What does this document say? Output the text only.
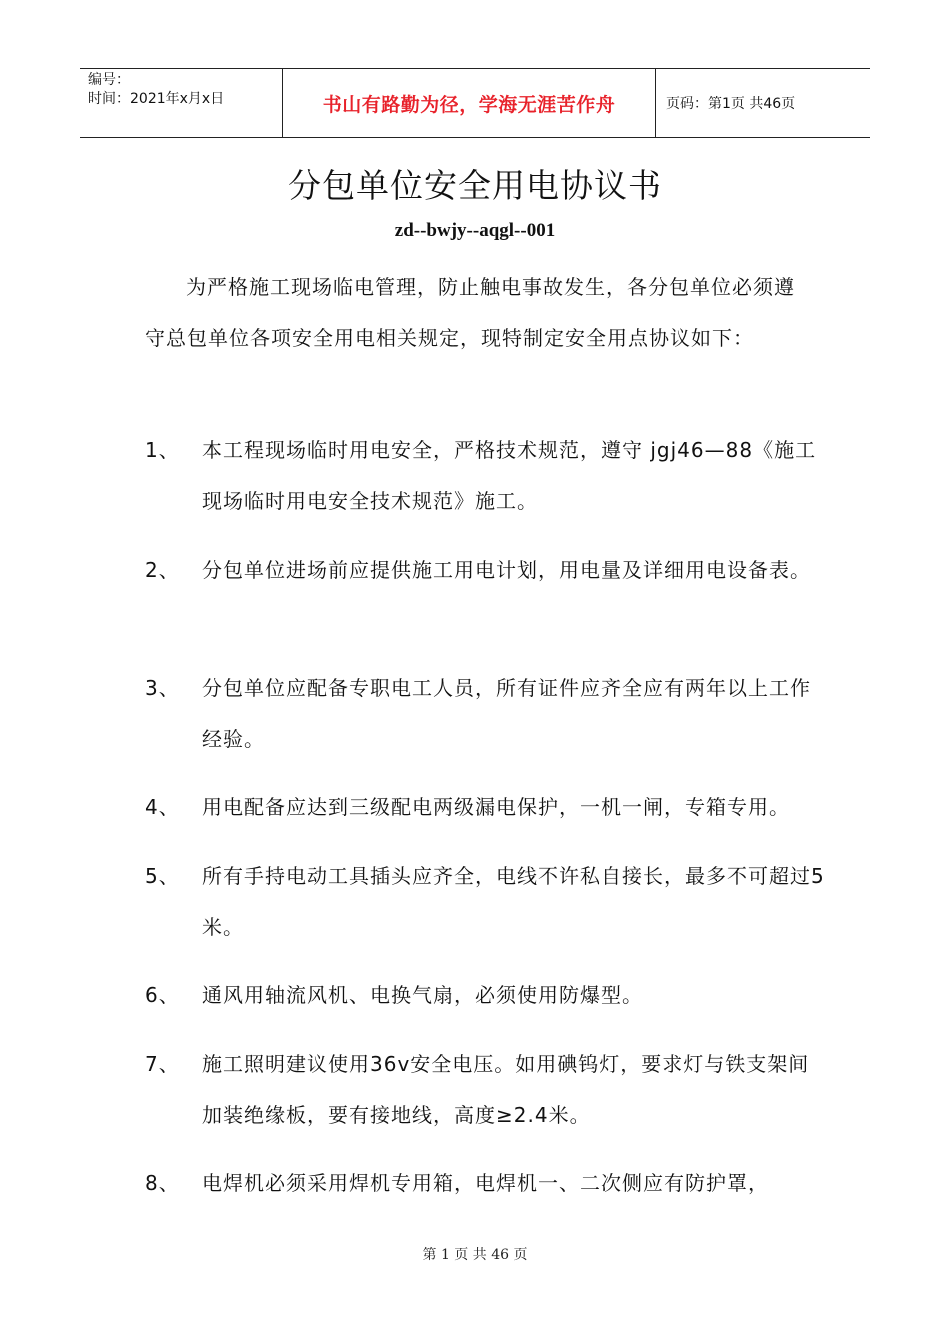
编号：
时间：2021年x月x日	书山有路勤为径，学海无涯苦作舟	页码：第1页 共46页
分包单位安全用电协议书
zd--bwjy--aqgl--001
为严格施工现场临电管理，防止触电事故发生，各分包单位必须遵守总包单位各项安全用电相关规定，现特制定安全用点协议如下：
1、 本工程现场临时用电安全，严格技术规范，遵守 jgj46—88《施工现场临时用电安全技术规范》施工。
2、 分包单位进场前应提供施工用电计划，用电量及详细用电设备表。
3、 分包单位应配备专职电工人员，所有证件应齐全应有两年以上工作经验。
4、 用电配备应达到三级配电两级漏电保护，一机一闸，专箱专用。
5、 所有手持电动工具插头应齐全，电线不许私自接长，最多不可超过5米。
6、 通风用轴流风机、电换气扇，必须使用防爆型。
7、 施工照明建议使用36v安全电压。如用碘钨灯，要求灯与铁支架间加装绝缘板，要有接地线，高度≥2.4米。
8、 电焊机必须采用焊机专用箱，电焊机一、二次侧应有防护罩，
第 1 页 共 46 页
